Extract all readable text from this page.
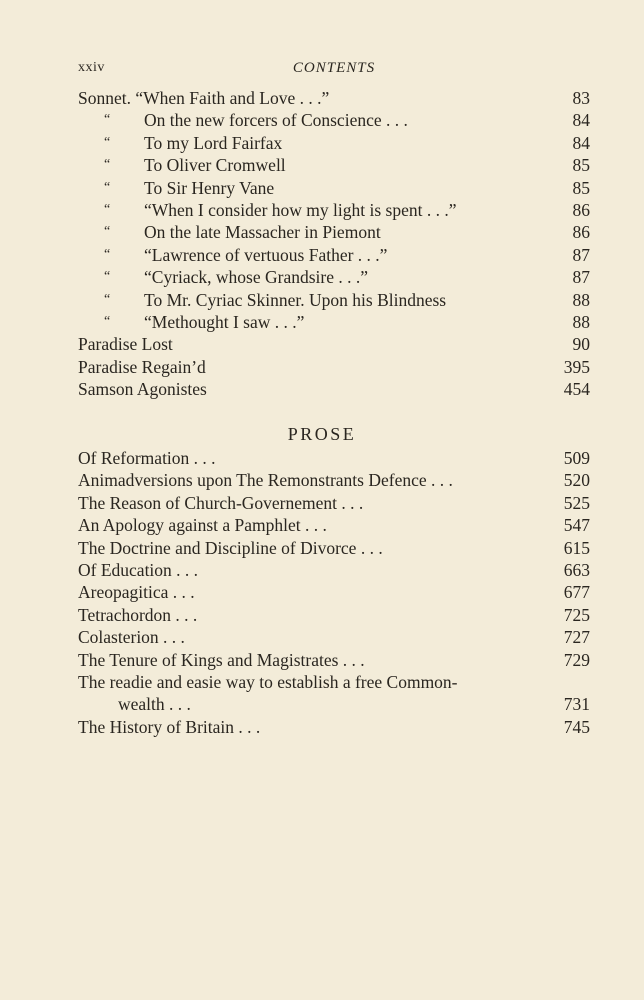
xxiv	CONTENTS
Sonnet. “When Faith and Love . . .”	83
“ On the new forcers of Conscience . . .	84
“ To my Lord Fairfax	84
“ To Oliver Cromwell	85
“ To Sir Henry Vane	85
“ “When I consider how my light is spent . . .”	86
“ On the late Massacher in Piemont	86
“ “Lawrence of vertuous Father . . .”	87
“ “Cyriack, whose Grandsire . . .”	87
“ To Mr. Cyriac Skinner. Upon his Blindness	88
“ “Methought I saw . . .”	88
Paradise Lost	90
Paradise Regain’d	395
Samson Agonistes	454
PROSE
Of Reformation . . .	509
Animadversions upon The Remonstrants Defence . . .	520
The Reason of Church-Governement . . .	525
An Apology against a Pamphlet . . .	547
The Doctrine and Discipline of Divorce . . .	615
Of Education . . .	663
Areopagitica . . .	677
Tetrachordon . . .	725
Colasterion . . .	727
The Tenure of Kings and Magistrates . . .	729
The readie and easie way to establish a free Common-
wealth . . .	731
The History of Britain . . .	745
